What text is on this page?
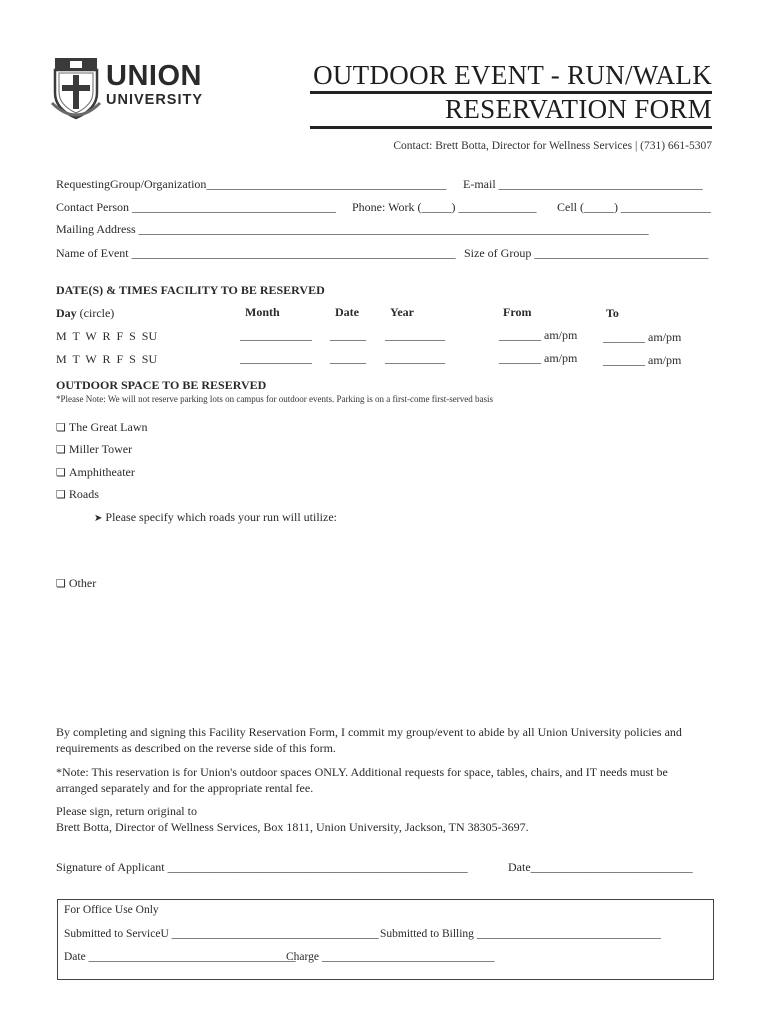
UNION
UNIVERSITY
OUTDOOR EVENT - RUN/WALK
RESERVATION FORM
Contact: Brett Botta, Director for Wellness Services | (731) 661-5307
RequestingGroup/Organization________________________________________ E-mail __________________________________
Contact Person __________________________________ Phone: Work (_____) _____________ Cell (_____) _______________
Mailing Address _____________________________________________________________________________________
Name of Event ______________________________________________________ Size of Group _____________________________
DATE(S) & TIMES FACILITY TO BE RESERVED
Day (circle)	Month	Date	Year	From	To
M  T  W  R  F  S  SU	____________ ______ __________	_______ am/pm _______ am/pm
M  T  W  R  F  S  SU	____________ ______ __________	_______ am/pm _______ am/pm
OUTDOOR SPACE TO BE RESERVED
*Please Note: We will not reserve parking lots on campus for outdoor events. Parking is on a first-come first-served basis
❏ The Great Lawn
❏ Miller Tower
❏ Amphitheater
❏ Roads
➤ Please specify which roads your run will utilize:
❏ Other
By completing and signing this Facility Reservation Form, I commit my group/event to abide by all Union University policies and
requirements as described on the reverse side of this form.
*Note: This reservation is for Union's outdoor spaces ONLY. Additional requests for space, tables, chairs, and IT needs must be
arranged separately and for the appropriate rental fee.
Please sign, return original to
Brett Botta, Director of Wellness Services, Box 1811, Union University, Jackson, TN 38305-3697.
Signature of Applicant __________________________________________________	Date___________________________
For Office Use Only
Submitted to ServiceU ____________________________________ Submitted to Billing ________________________________
Date ____________________________________
Charge ______________________________
